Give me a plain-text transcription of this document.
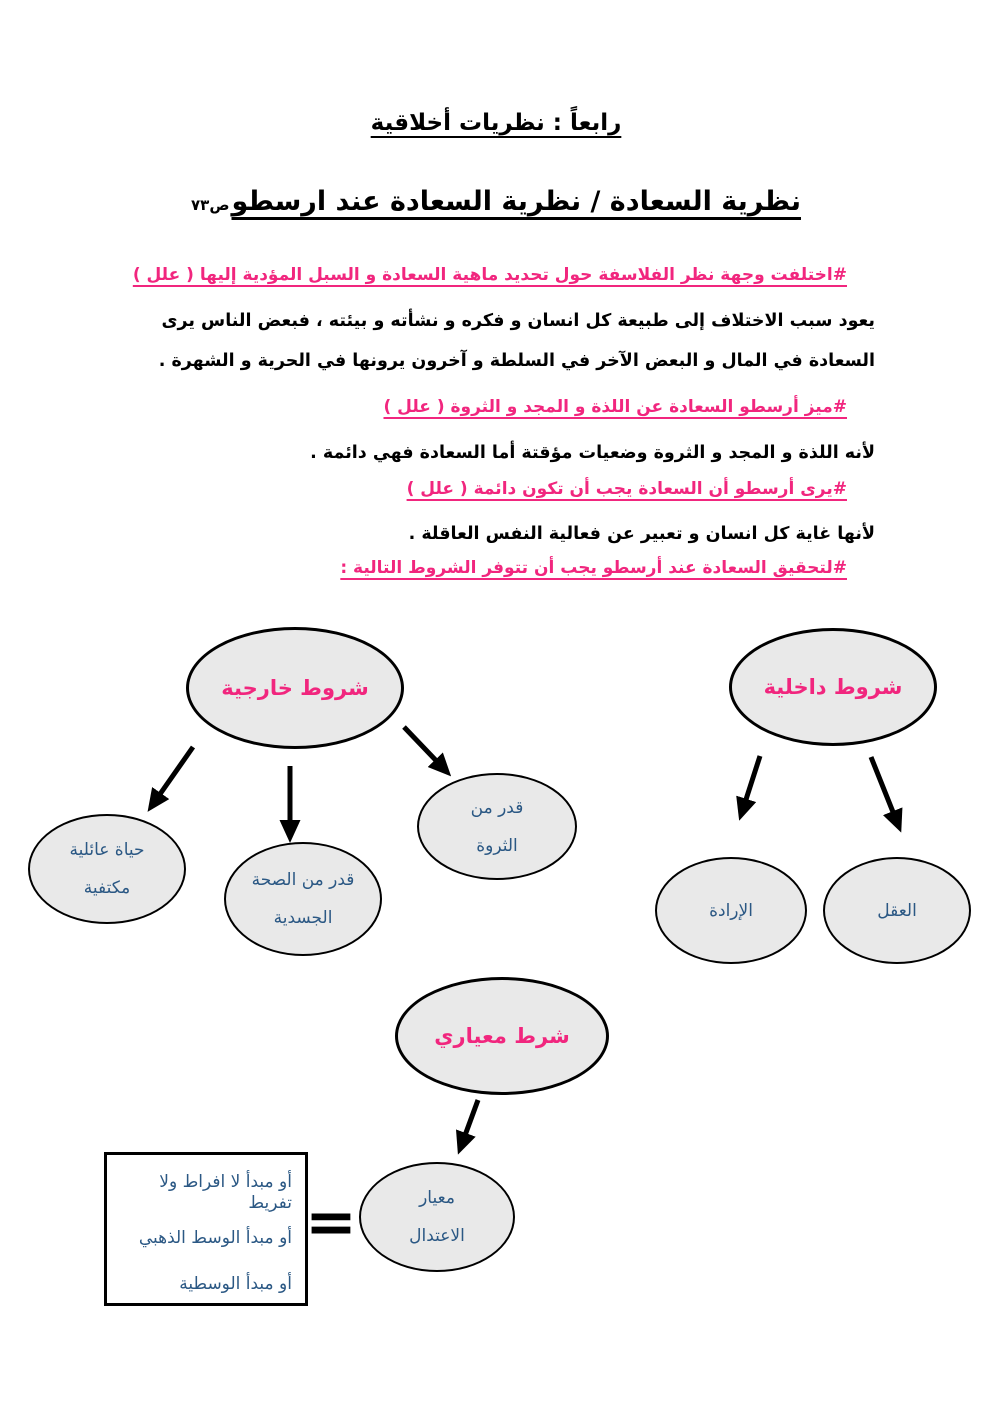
رابعاً : نظريات أخلاقية
نظرية السعادة / نظرية السعادة عند ارسطوص٧٣

#اختلفت وجهة نظر الفلاسفة حول تحديد ماهية السعادة و السبل المؤدية إليها ( علل )

يعود سبب الاختلاف إلى طبيعة كل انسان و فكره و نشأته و بيئته ، فبعض الناس يرى السعادة في المال و البعض الآخر في السلطة و آخرون يرونها في الحرية و الشهرة .

#ميز أرسطو السعادة عن اللذة و المجد و الثروة ( علل )

لأنه اللذة و المجد و الثروة وضعيات مؤقتة أما السعادة فهي دائمة .

#يرى أرسطو أن السعادة يجب أن تكون دائمة ( علل )

لأنها غاية كل انسان و تعبير عن فعالية النفس العاقلة .

#لتحقيق السعادة عند أرسطو يجب أن تتوفر الشروط التالية :

شروط خارجية	شروط داخلية
حياة عائلية
مكتفية	قدر من الصحة
الجسدية
قدر من
الثروة
الإرادة	العقل
شرط معياري
معيار
الاعتدال
أو مبدأ لا افراط ولا تفريط
أو مبدأ الوسط الذهبي
أو مبدأ الوسطية
=
